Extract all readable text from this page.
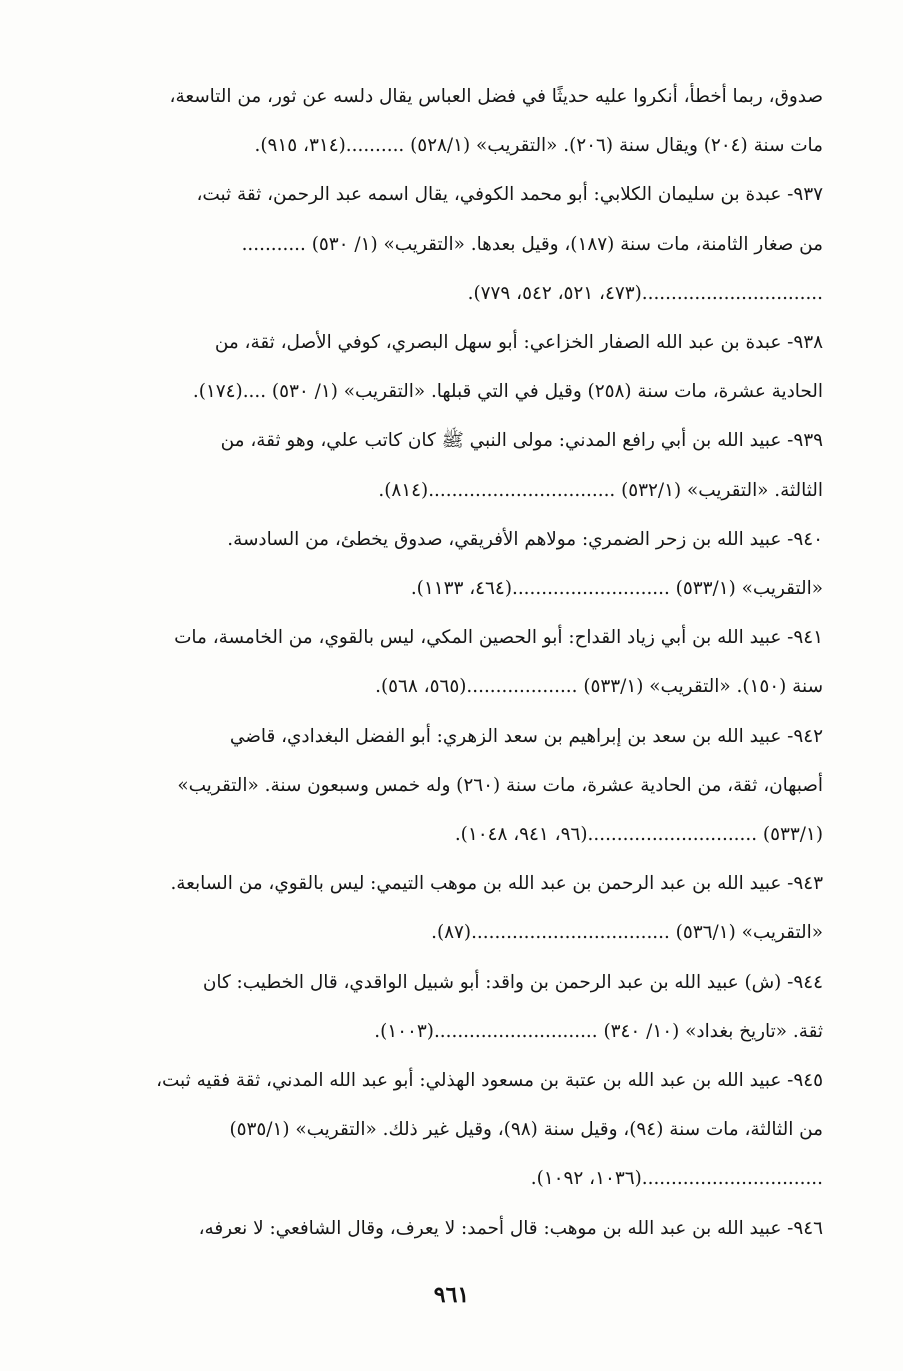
صدوق، ربما أخطأ، أنكروا عليه حديثًا في فضل العباس يقال دلسه عن ثور، من التاسعة،
مات سنة (٢٠٤) ويقال سنة (٢٠٦). «التقريب» (٥٢٨/١) ..........(٣١٤، ٩١٥).
٩٣٧- عبدة بن سليمان الكلابي: أبو محمد الكوفي، يقال اسمه عبد الرحمن، ثقة ثبت،
من صغار الثامنة، مات سنة (١٨٧)، وقيل بعدها. «التقريب» (١/ ٥٣٠) ...........
...............................(٤٧٣، ٥٢١، ٥٤٢، ٧٧٩).
٩٣٨- عبدة بن عبد الله الصفار الخزاعي: أبو سهل البصري، كوفي الأصل، ثقة، من
الحادية عشرة، مات سنة (٢٥٨) وقيل في التي قبلها. «التقريب» (١/ ٥٣٠) ....(١٧٤).
٩٣٩- عبيد الله بن أبي رافع المدني: مولى النبي ﷺ كان كاتب علي، وهو ثقة، من
الثالثة. «التقريب» (٥٣٢/١) ................................(٨١٤).
٩٤٠- عبيد الله بن زحر الضمري: مولاهم الأفريقي، صدوق يخطئ، من السادسة.
«التقريب» (٥٣٣/١) ...........................(٤٦٤، ١١٣٣).
٩٤١- عبيد الله بن أبي زياد القداح: أبو الحصين المكي، ليس بالقوي، من الخامسة، مات
سنة (١٥٠). «التقريب» (٥٣٣/١) ...................(٥٦٥، ٥٦٨).
٩٤٢- عبيد الله بن سعد بن إبراهيم بن سعد الزهري: أبو الفضل البغدادي، قاضي
أصبهان، ثقة، من الحادية عشرة، مات سنة (٢٦٠) وله خمس وسبعون سنة. «التقريب»
(٥٣٣/١) .............................(٩٦، ٩٤١، ١٠٤٨).
٩٤٣- عبيد الله بن عبد الرحمن بن عبد الله بن موهب التيمي: ليس بالقوي، من السابعة.
«التقريب» (٥٣٦/١) ..................................(٨٧).
٩٤٤- (ش) عبيد الله بن عبد الرحمن بن واقد: أبو شبيل الواقدي، قال الخطيب: كان
ثقة. «تاريخ بغداد» (١٠/ ٣٤٠) ............................(١٠٠٣).
٩٤٥- عبيد الله بن عبد الله بن عتبة بن مسعود الهذلي: أبو عبد الله المدني، ثقة فقيه ثبت،
من الثالثة، مات سنة (٩٤)، وقيل سنة (٩٨)، وقيل غير ذلك. «التقريب» (٥٣٥/١)
...............................(١٠٣٦، ١٠٩٢).
٩٤٦- عبيد الله بن عبد الله بن موهب: قال أحمد: لا يعرف، وقال الشافعي: لا نعرفه،
٩٦١
